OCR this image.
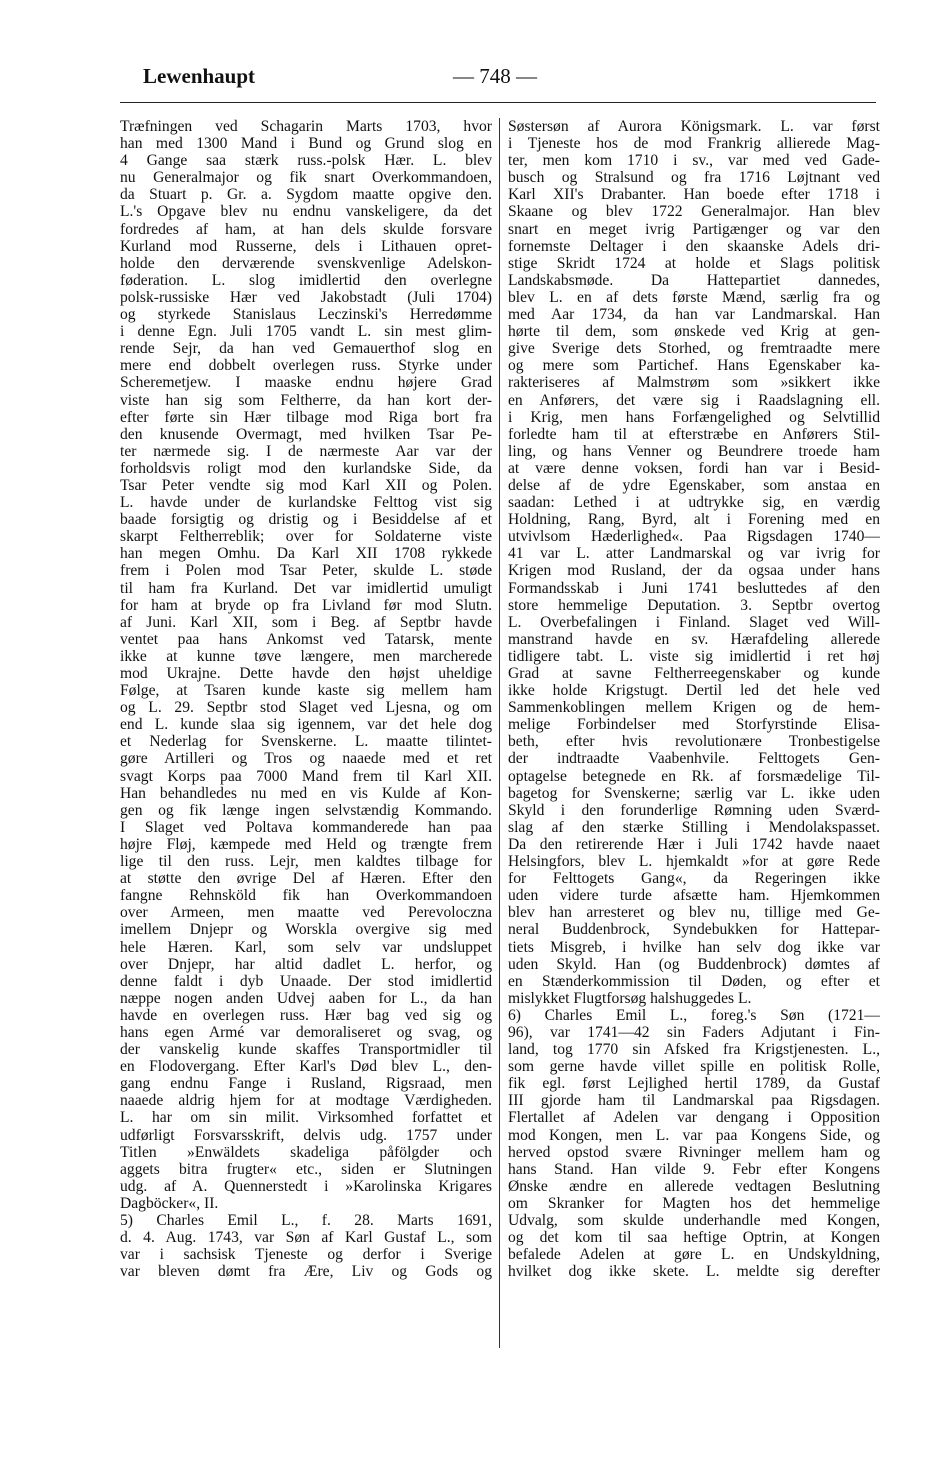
Lewenhaupt	— 748 —
Træfningen ved Schagarin Marts 1703, hvor
han med 1300 Mand i Bund og Grund slog en
4 Gange saa stærk russ.-polsk Hær. L. blev
nu Generalmajor og fik snart Overkommandoen,
da Stuart p. Gr. a. Sygdom maatte opgive den.
L.'s Opgave blev nu endnu vanskeligere, da det
fordredes af ham, at han dels skulde forsvare
Kurland mod Russerne, dels i Lithauen opret-
holde den derværende svenskvenlige Adelskon-
føderation. L. slog imidlertid den overlegne
polsk-russiske Hær ved Jakobstadt (Juli 1704)
og styrkede Stanislaus Leczinski's Herredømme
i denne Egn. Juli 1705 vandt L. sin mest glim-
rende Sejr, da han ved Gemauerthof slog en
mere end dobbelt overlegen russ. Styrke under
Scheremetjew. I maaske endnu højere Grad
viste han sig som Feltherre, da han kort der-
efter førte sin Hær tilbage mod Riga bort fra
den knusende Overmagt, med hvilken Tsar Pe-
ter nærmede sig. I de nærmeste Aar var der
forholdsvis roligt mod den kurlandske Side, da
Tsar Peter vendte sig mod Karl XII og Polen.
L. havde under de kurlandske Felttog vist sig
baade forsigtig og dristig og i Besiddelse af et
skarpt Feltherreblik; over for Soldaterne viste
han megen Omhu. Da Karl XII 1708 rykkede
frem i Polen mod Tsar Peter, skulde L. støde
til ham fra Kurland. Det var imidlertid umuligt
for ham at bryde op fra Livland før mod Slutn.
af Juni. Karl XII, som i Beg. af Septbr havde
ventet paa hans Ankomst ved Tatarsk, mente
ikke at kunne tøve længere, men marcherede
mod Ukrajne. Dette havde den højst uheldige
Følge, at Tsaren kunde kaste sig mellem ham
og L. 29. Septbr stod Slaget ved Ljesna, og om
end L. kunde slaa sig igennem, var det hele dog
et Nederlag for Svenskerne. L. maatte tilintet-
gøre Artilleri og Tros og naaede med et ret
svagt Korps paa 7000 Mand frem til Karl XII.
Han behandledes nu med en vis Kulde af Kon-
gen og fik længe ingen selvstændig Kommando.
I Slaget ved Poltava kommanderede han paa
højre Fløj, kæmpede med Held og trængte frem
lige til den russ. Lejr, men kaldtes tilbage for
at støtte den øvrige Del af Hæren. Efter den
fangne Rehnsköld fik han Overkommandoen
over Armeen, men maatte ved Perevoloczna
imellem Dnjepr og Worskla overgive sig med
hele Hæren. Karl, som selv var undsluppet
over Dnjepr, har altid dadlet L. herfor, og
denne faldt i dyb Unaade. Der stod imidlertid
næppe nogen anden Udvej aaben for L., da han
havde en overlegen russ. Hær bag ved sig og
hans egen Armé var demoraliseret og svag, og
der vanskelig kunde skaffes Transportmidler til
en Flodovergang. Efter Karl's Død blev L., den-
gang endnu Fange i Rusland, Rigsraad, men
naaede aldrig hjem for at modtage Værdigheden.
L. har om sin milit. Virksomhed forfattet et
udførligt Forsvarsskrift, delvis udg. 1757 under
Titlen »Enwäldets skadeliga påfölgder och
aggets bitra frugter« etc., siden er Slutningen
udg. af A. Quennerstedt i »Karolinska Krigares
Dagböcker«, II.
5) Charles Emil L., f. 28. Marts 1691,
d. 4. Aug. 1743, var Søn af Karl Gustaf L., som
var i sachsisk Tjeneste og derfor i Sverige
var bleven dømt fra Ære, Liv og Gods og
Søstersøn af Aurora Königsmark. L. var først
i Tjeneste hos de mod Frankrig allierede Mag-
ter, men kom 1710 i sv., var med ved Gade-
busch og Stralsund og fra 1716 Løjtnant ved
Karl XII's Drabanter. Han boede efter 1718 i
Skaane og blev 1722 Generalmajor. Han blev
snart en meget ivrig Partigænger og var den
fornemste Deltager i den skaanske Adels dri-
stige Skridt 1724 at holde et Slags politisk
Landskabsmøde. Da Hattepartiet dannedes,
blev L. en af dets første Mænd, særlig fra og
med Aar 1734, da han var Landmarskal. Han
hørte til dem, som ønskede ved Krig at gen-
give Sverige dets Storhed, og fremtraadte mere
og mere som Partichef. Hans Egenskaber ka-
rakteriseres af Malmstrøm som »sikkert ikke
en Anførers, det være sig i Raadslagning ell.
i Krig, men hans Forfængelighed og Selvtillid
forledte ham til at efterstræbe en Anførers Stil-
ling, og hans Venner og Beundrere troede ham
at være denne voksen, fordi han var i Besid-
delse af de ydre Egenskaber, som anstaa en
saadan: Lethed i at udtrykke sig, en værdig
Holdning, Rang, Byrd, alt i Forening med en
utvivlsom Hæderlighed«. Paa Rigsdagen 1740—
41 var L. atter Landmarskal og var ivrig for
Krigen mod Rusland, der da ogsaa under hans
Formandsskab i Juni 1741 besluttedes af den
store hemmelige Deputation. 3. Septbr overtog
L. Overbefalingen i Finland. Slaget ved Will-
manstrand havde en sv. Hærafdeling allerede
tidligere tabt. L. viste sig imidlertid i ret høj
Grad at savne Feltherreegenskaber og kunde
ikke holde Krigstugt. Dertil led det hele ved
Sammenkoblingen mellem Krigen og de hem-
melige Forbindelser med Storfyrstinde Elisa-
beth, efter hvis revolutionære Tronbestigelse
der indtraadte Vaabenhvile. Felttogets Gen-
optagelse betegnede en Rk. af forsmædelige Til-
bagetog for Svenskerne; særlig var L. ikke uden
Skyld i den forunderlige Rømning uden Sværd-
slag af den stærke Stilling i Mendolakspasset.
Da den retirerende Hær i Juli 1742 havde naaet
Helsingfors, blev L. hjemkaldt »for at gøre Rede
for Felttogets Gang«, da Regeringen ikke
uden videre turde afsætte ham. Hjemkommen
blev han arresteret og blev nu, tillige med Ge-
neral Buddenbrock, Syndebukken for Hattepar-
tiets Misgreb, i hvilke han selv dog ikke var
uden Skyld. Han (og Buddenbrock) dømtes af
en Stænderkommission til Døden, og efter et
mislykket Flugtforsøg halshuggedes L.
6) Charles Emil L., foreg.'s Søn (1721—
96), var 1741—42 sin Faders Adjutant i Fin-
land, tog 1770 sin Afsked fra Krigstjenesten. L.,
som gerne havde villet spille en politisk Rolle,
fik egl. først Lejlighed hertil 1789, da Gustaf
III gjorde ham til Landmarskal paa Rigsdagen.
Flertallet af Adelen var dengang i Opposition
mod Kongen, men L. var paa Kongens Side, og
herved opstod svære Rivninger mellem ham og
hans Stand. Han vilde 9. Febr efter Kongens
Ønske ændre en allerede vedtagen Beslutning
om Skranker for Magten hos det hemmelige
Udvalg, som skulde underhandle med Kongen,
og det kom til saa heftige Optrin, at Kongen
befalede Adelen at gøre L. en Undskyldning,
hvilket dog ikke skete. L. meldte sig derefter
